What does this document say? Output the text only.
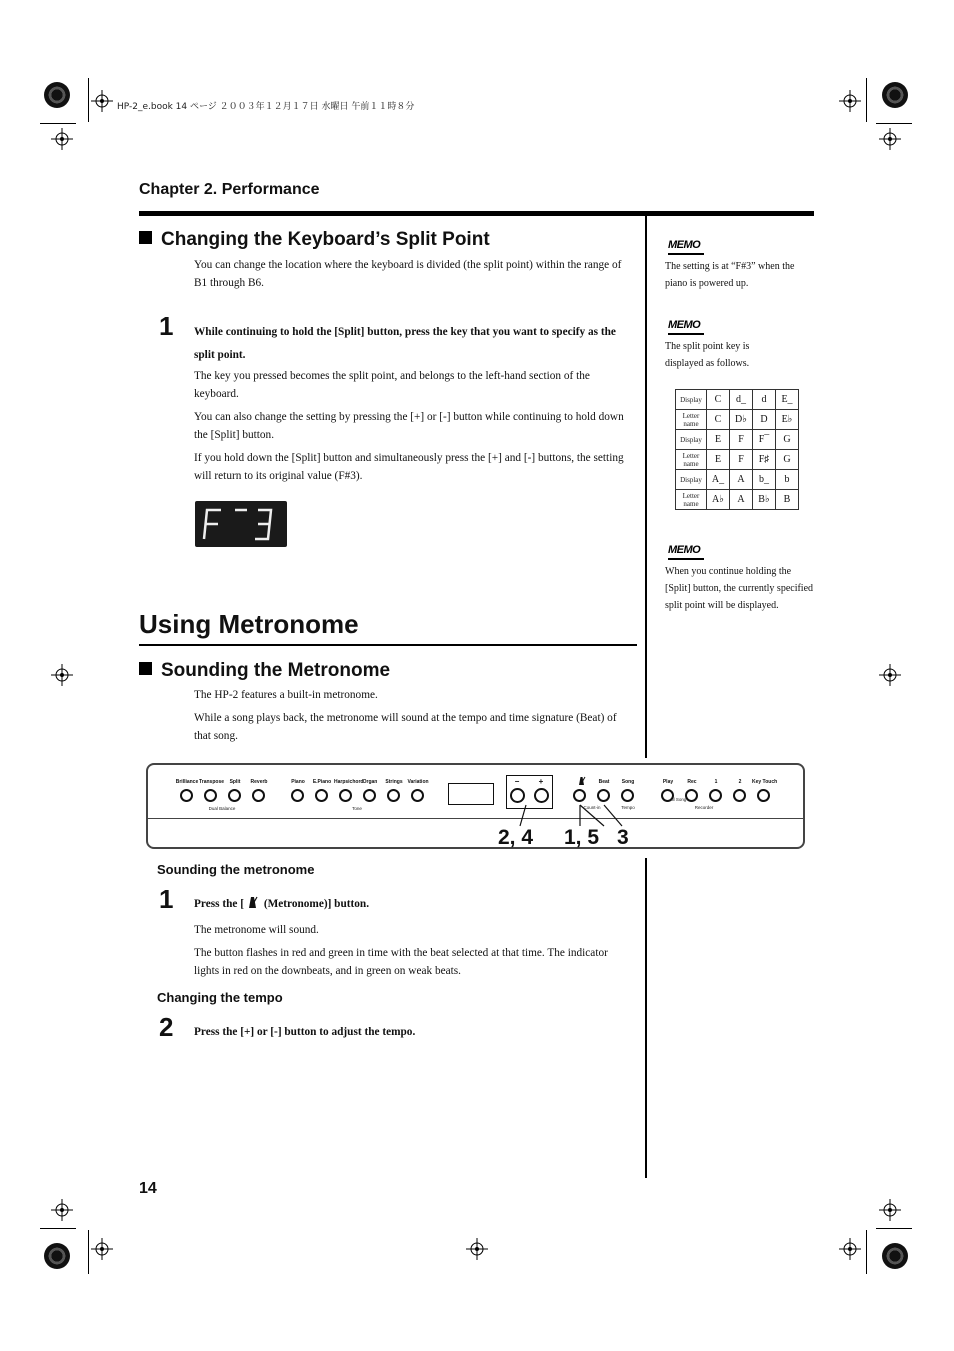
HP-2_e.book 14 ページ ２００３年１２月１７日 水曜日 午前１１時８分
Chapter 2. Performance
Changing the Keyboard’s Split Point
You can change the location where the keyboard is divided (the split point) within the range of B1 through B6.
1 While continuing to hold the [Split] button, press the key that you want to specify as the split point.
The key you pressed becomes the split point, and belongs to the left-hand section of the keyboard.
You can also change the setting by pressing the [+] or [-] button while continuing to hold down the [Split] button.
If you hold down the [Split] button and simultaneously press the [+] and [-] buttons, the setting will return to its original value (F#3).
Using Metronome
Sounding the Metronome
The HP-2 features a built-in metronome.
While a song plays back, the metronome will sound at the tempo and time signature (Beat) of that song.
Brilliance Transpose	Split	Reverb	Piano	E.Piano Harpsichord Organ	Strings Variation	−	+	Beat	Song	Play	Rec	1	2	Key Touch
Dual Balance	Tone	Count-in	Tempo
All Song
Recorder
2, 4 1, 5 3
Sounding the metronome
1 Press the [ (Metronome)] button.
The metronome will sound.
The button flashes in red and green in time with the beat selected at that time. The indicator lights in red on the downbeats, and in green on weak beats.
Changing the tempo
2 Press the [+] or [-] button to adjust the tempo.
MEMO
The setting is at “F#3” when the piano is powered up.
MEMO
The split point key is displayed as follows.
Display	C	d_	d	E_
Letter name	C	D♭	D	E♭
Display	E	F	F¯	G
Letter name	E	F	F♯	G
Display	A_	A	b_	b
Letter name	A♭	A	B♭	B
MEMO
When you continue holding the [Split] button, the currently specified split point will be displayed.
14
